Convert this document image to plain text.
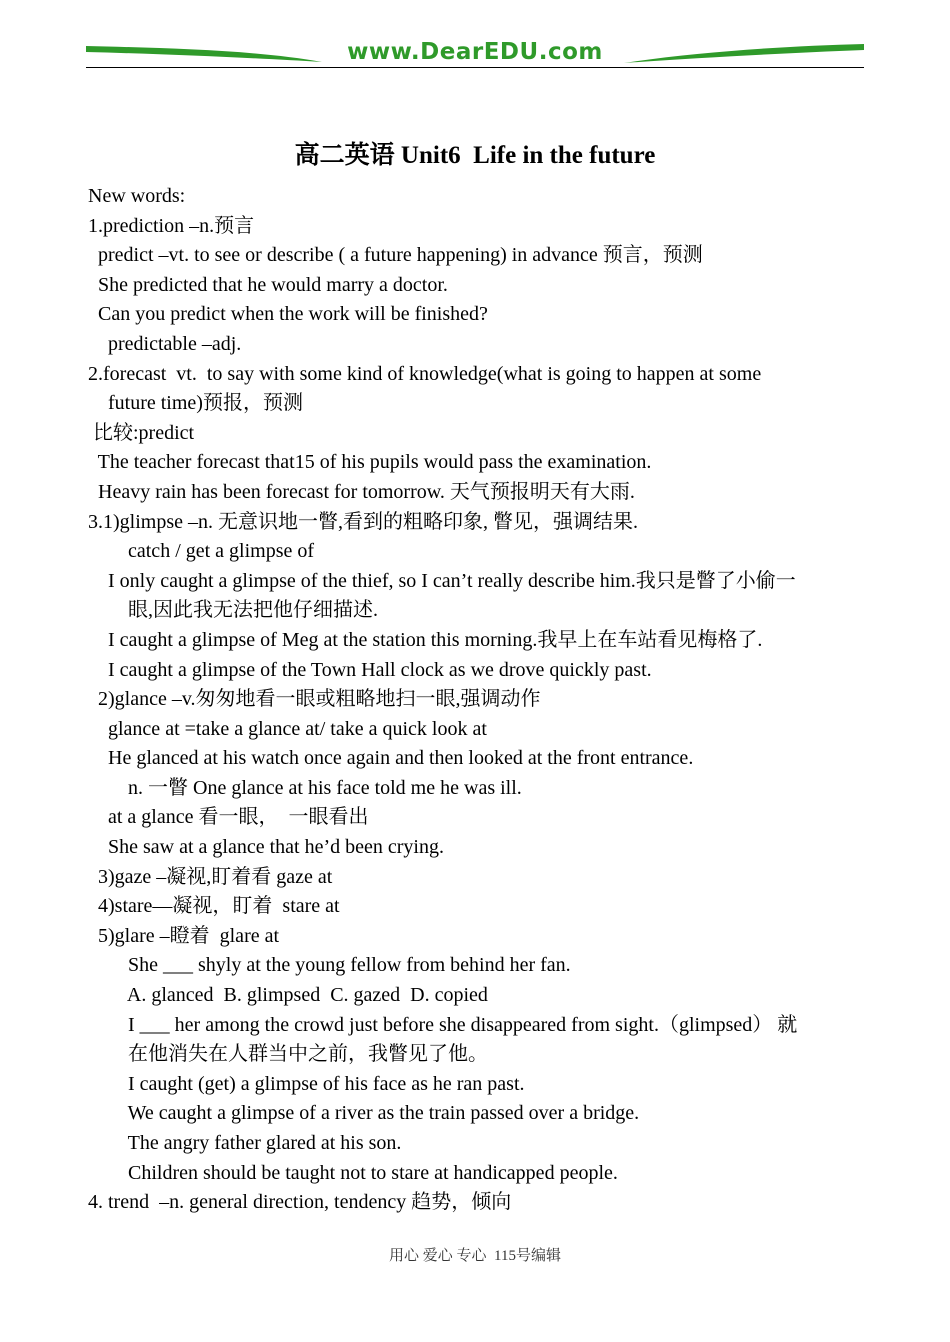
www.DearEDU.com
高二英语 Unit6  Life in the future
New words:
1.prediction –n.预言
predict –vt. to see or describe ( a future happening) in advance 预言，预测
She predicted that he would marry a doctor.
Can you predict when the work will be finished?
predictable –adj.
2.forecast  vt.  to say with some kind of knowledge(what is going to happen at some
future time)预报，预测
比较:predict
The teacher forecast that15 of his pupils would pass the examination.
Heavy rain has been forecast for tomorrow. 天气预报明天有大雨.
3.1)glimpse –n. 无意识地一瞥,看到的粗略印象, 瞥见，强调结果.
catch / get a glimpse of
I only caught a glimpse of the thief, so I can’t really describe him.我只是瞥了小偷一
眼,因此我无法把他仔细描述.
I caught a glimpse of Meg at the station this morning.我早上在车站看见梅格了.
I caught a glimpse of the Town Hall clock as we drove quickly past.
2)glance –v.匆匆地看一眼或粗略地扫一眼,强调动作
glance at =take a glance at/ take a quick look at
He glanced at his watch once again and then looked at the front entrance.
n. 一瞥 One glance at his face told me he was ill.
at a glance 看一眼，  一眼看出
She saw at a glance that he’d been crying.
3)gaze –凝视,盯着看 gaze at
4)stare—凝视，盯着  stare at
5)glare –瞪着  glare at
She ___ shyly at the young fellow from behind her fan.
A. glanced  B. glimpsed  C. gazed  D. copied
I ___ her among the crowd just before she disappeared from sight.（glimpsed） 就
在他消失在人群当中之前，我瞥见了他。
I caught (get) a glimpse of his face as he ran past.
We caught a glimpse of a river as the train passed over a bridge.
The angry father glared at his son.
Children should be taught not to stare at handicapped people.
4. trend  –n. general direction, tendency 趋势，倾向
用心 爱心 专心  115号编辑
